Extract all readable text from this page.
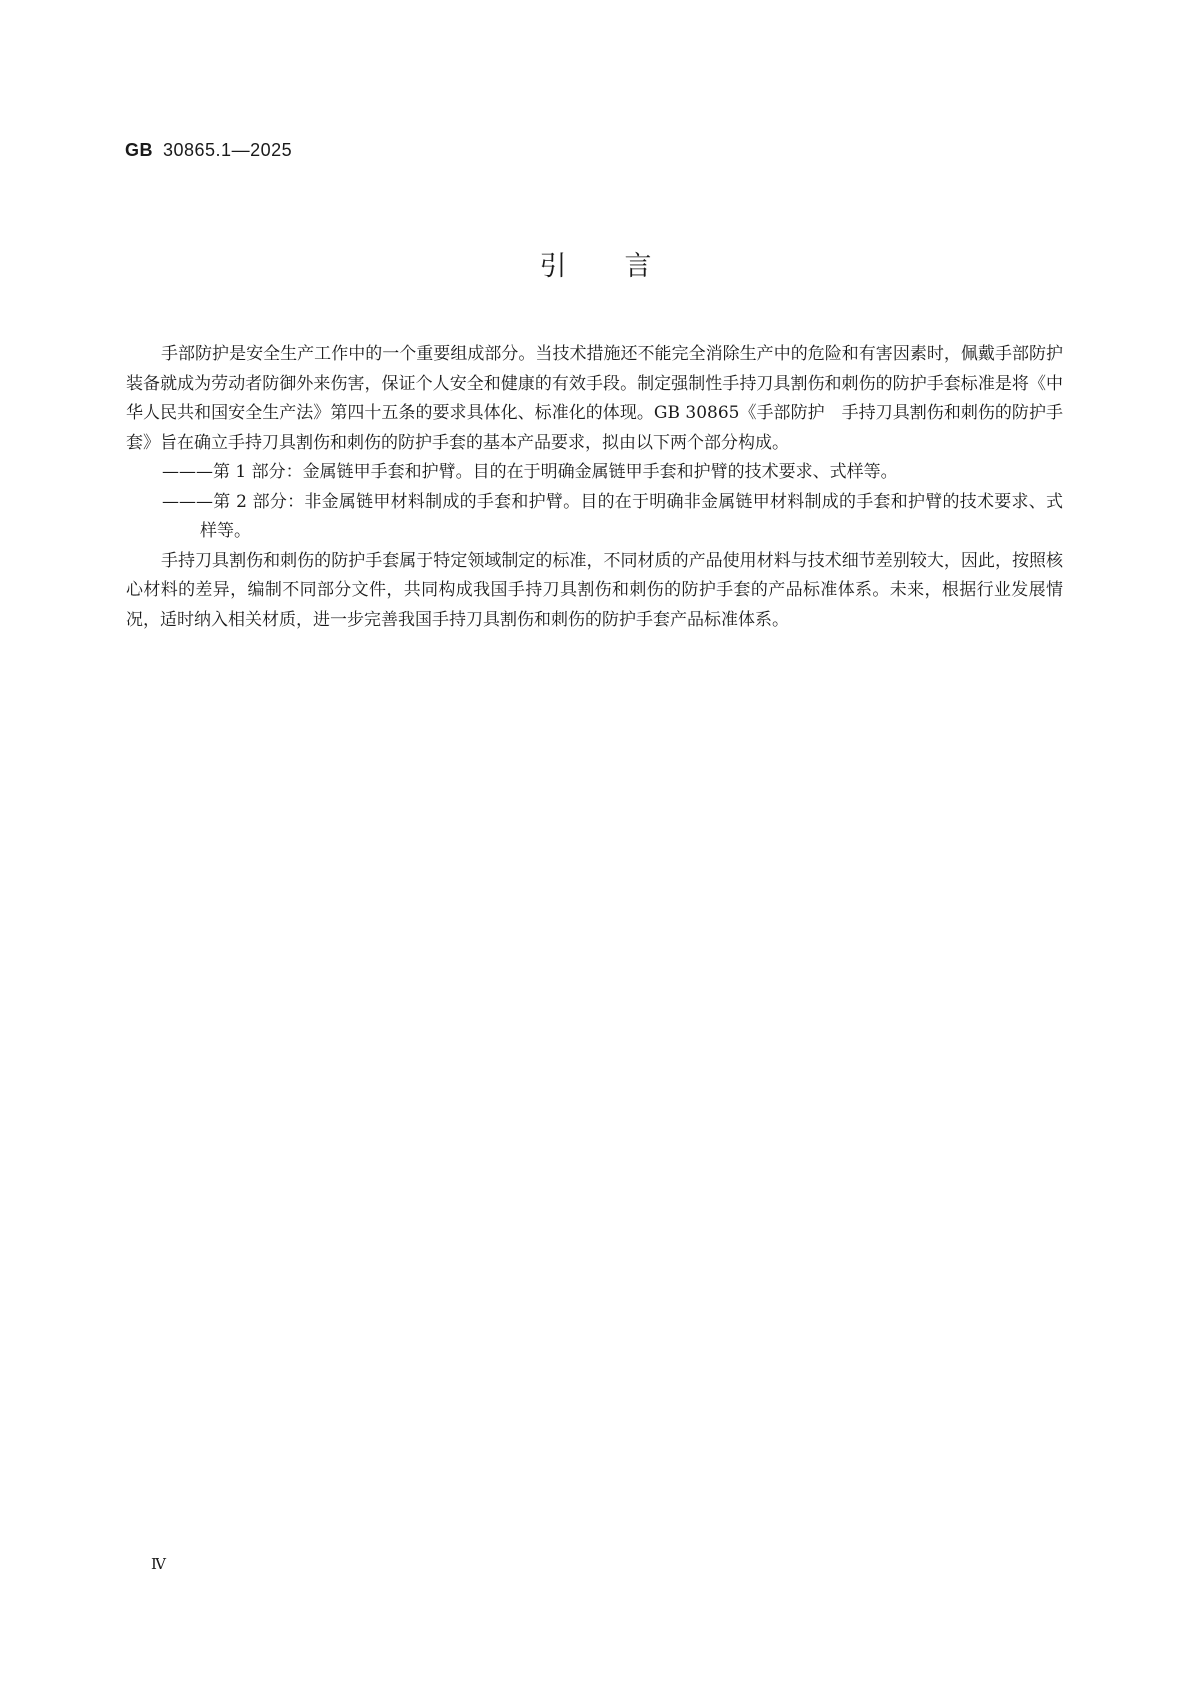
GB 30865.1—2025
引言

手部防护是安全生产工作中的一个重要组成部分。当技术措施还不能完全消除生产中的危险和有害因素时，佩戴手部防护装备就成为劳动者防御外来伤害，保证个人安全和健康的有效手段。制定强制性手持刀具割伤和刺伤的防护手套标准是将《中华人民共和国安全生产法》第四十五条的要求具体化、标准化的体现。GB 30865《手部防护　手持刀具割伤和刺伤的防护手套》旨在确立手持刀具割伤和刺伤的防护手套的基本产品要求，拟由以下两个部分构成。

———第 1 部分：金属链甲手套和护臂。目的在于明确金属链甲手套和护臂的技术要求、式样等。

———第 2 部分：非金属链甲材料制成的手套和护臂。目的在于明确非金属链甲材料制成的手套和护臂的技术要求、式样等。

手持刀具割伤和刺伤的防护手套属于特定领域制定的标准，不同材质的产品使用材料与技术细节差别较大，因此，按照核心材料的差异，编制不同部分文件，共同构成我国手持刀具割伤和刺伤的防护手套的产品标准体系。未来，根据行业发展情况，适时纳入相关材质，进一步完善我国手持刀具割伤和刺伤的防护手套产品标准体系。

Ⅳ
